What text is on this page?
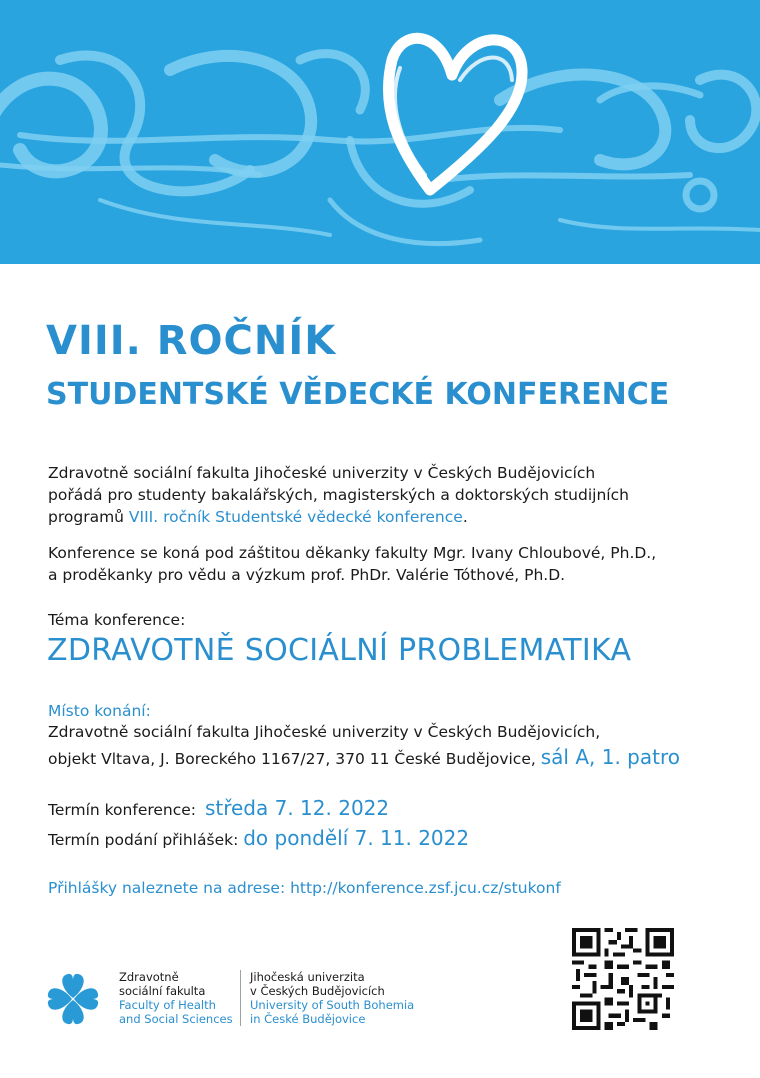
VIII. ROČNÍK
STUDENTSKÉ VĚDECKÉ KONFERENCE
Zdravotně sociální fakulta Jihočeské univerzity v Českých Budějovicích
pořádá pro studenty bakalářských, magisterských a doktorských studijních
programů VIII. ročník Studentské vědecké konference.
Konference se koná pod záštitou děkanky fakulty Mgr. Ivany Chloubové, Ph.D.,
a proděkanky pro vědu a výzkum prof. PhDr. Valérie Tóthové, Ph.D.
Téma konference:
ZDRAVOTNĚ SOCIÁLNÍ PROBLEMATIKA
Místo konání:
Zdravotně sociální fakulta Jihočeské univerzity v Českých Budějovicích,
objekt Vltava, J. Boreckého 1167/27, 370 11 České Budějovice, sál A, 1. patro
Termín konference: středa 7. 12. 2022
Termín podání přihlášek: do pondělí 7. 11. 2022
Přihlášky naleznete na adrese: http://konference.zsf.jcu.cz/stukonf
Zdravotně
sociální fakulta
Faculty of Health
and Social Sciences
Jihočeská univerzita
v Českých Budějovicích
University of South Bohemia
in České Budějovice
